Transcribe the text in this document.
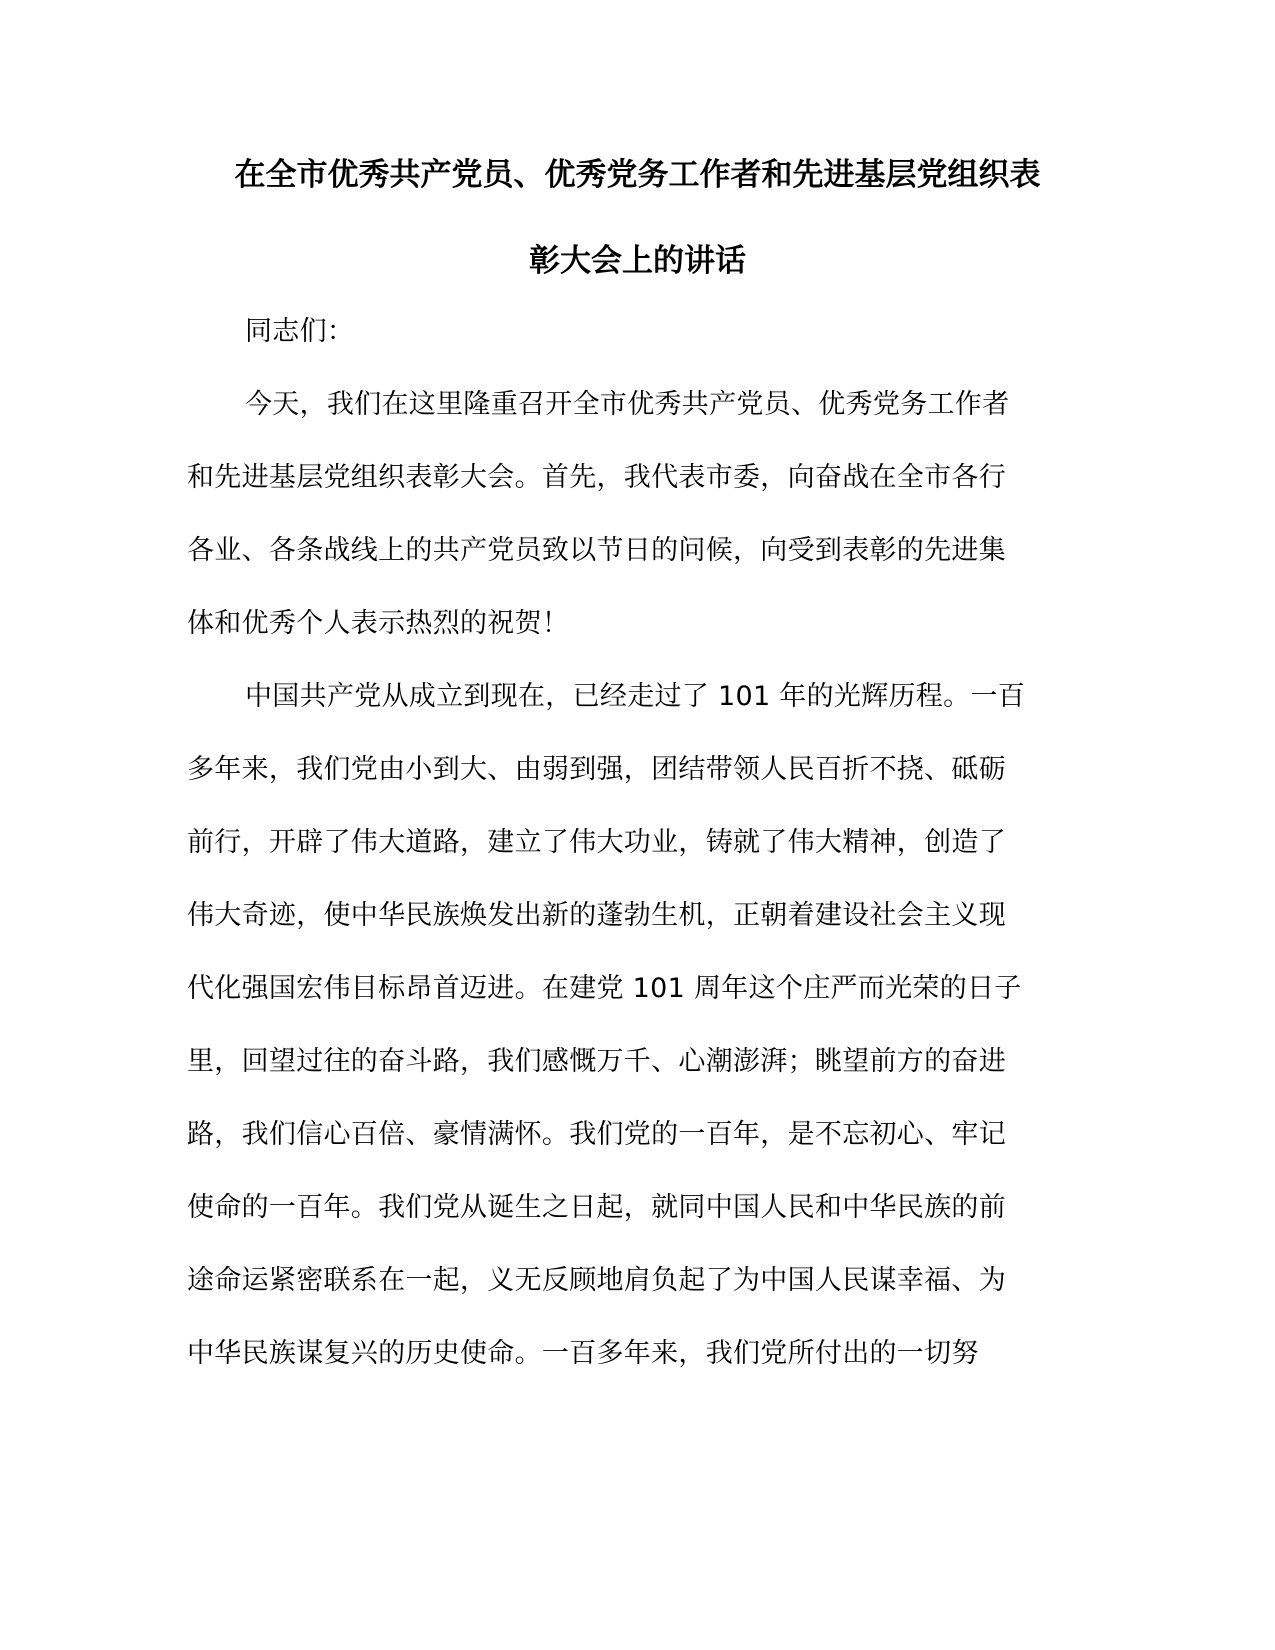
在全市优秀共产党员、优秀党务工作者和先进基层党组织表
彰大会上的讲话

同志们：

今天，我们在这里隆重召开全市优秀共产党员、优秀党务工作者

和先进基层党组织表彰大会。首先，我代表市委，向奋战在全市各行

各业、各条战线上的共产党员致以节日的问候，向受到表彰的先进集

体和优秀个人表示热烈的祝贺！

中国共产党从成立到现在，已经走过了 101 年的光辉历程。一百

多年来，我们党由小到大、由弱到强，团结带领人民百折不挠、砥砺

前行，开辟了伟大道路，建立了伟大功业，铸就了伟大精神，创造了

伟大奇迹，使中华民族焕发出新的蓬勃生机，正朝着建设社会主义现

代化强国宏伟目标昂首迈进。在建党 101 周年这个庄严而光荣的日子

里，回望过往的奋斗路，我们感慨万千、心潮澎湃；眺望前方的奋进

路，我们信心百倍、豪情满怀。我们党的一百年，是不忘初心、牢记

使命的一百年。我们党从诞生之日起，就同中国人民和中华民族的前

途命运紧密联系在一起，义无反顾地肩负起了为中国人民谋幸福、为

中华民族谋复兴的历史使命。一百多年来，我们党所付出的一切努
